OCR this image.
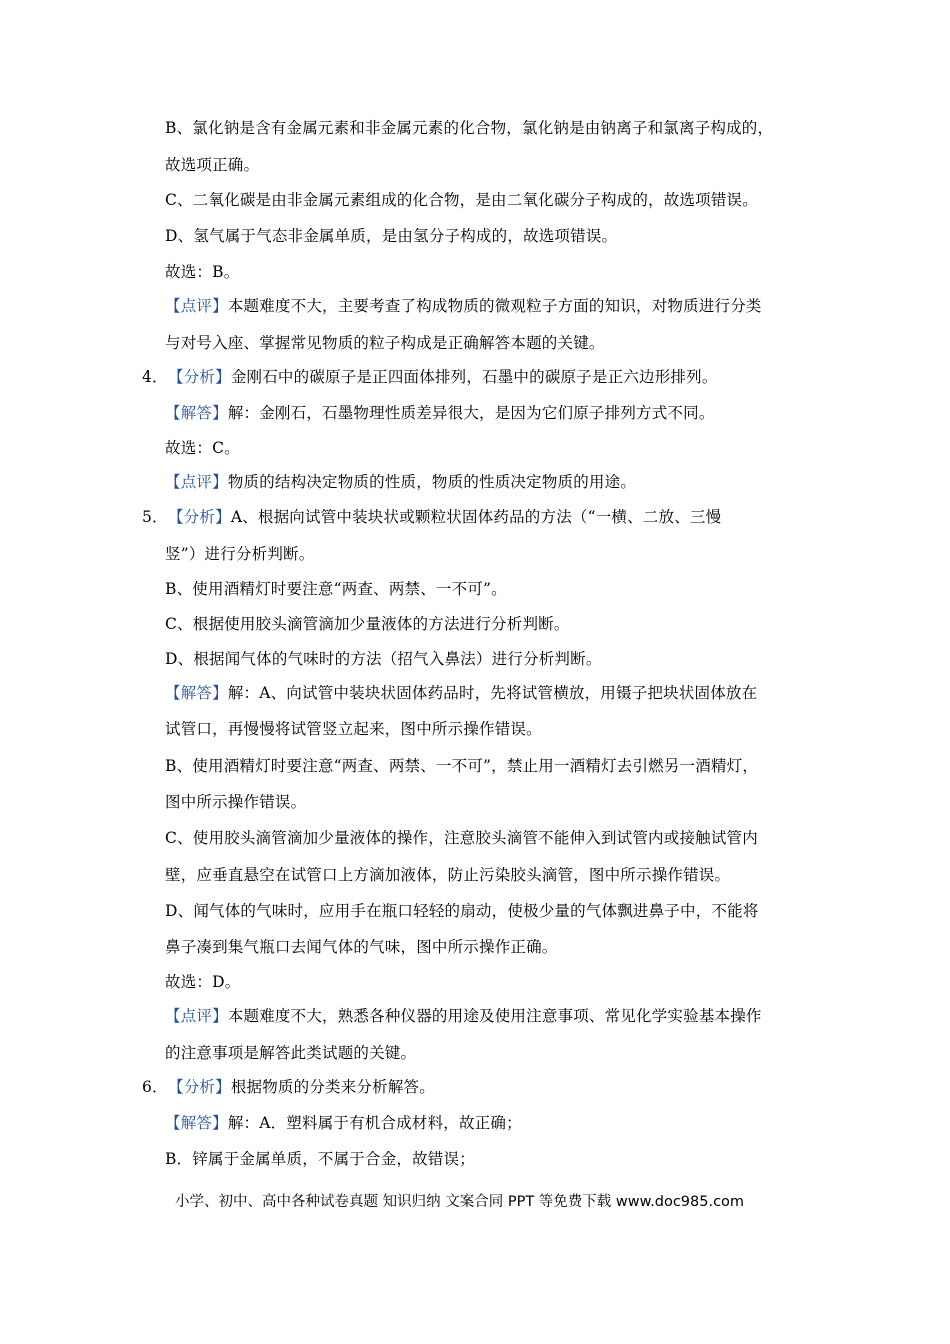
B、氯化钠是含有金属元素和非金属元素的化合物，氯化钠是由钠离子和氯离子构成的，
故选项正确。
C、二氧化碳是由非金属元素组成的化合物，是由二氧化碳分子构成的，故选项错误。
D、氢气属于气态非金属单质，是由氢分子构成的，故选项错误。
故选：B。
【点评】本题难度不大，主要考查了构成物质的微观粒子方面的知识，对物质进行分类
与对号入座、掌握常见物质的粒子构成是正确解答本题的关键。
4．【分析】金刚石中的碳原子是正四面体排列，石墨中的碳原子是正六边形排列。
【解答】解：金刚石，石墨物理性质差异很大，是因为它们原子排列方式不同。
故选：C。
【点评】物质的结构决定物质的性质，物质的性质决定物质的用途。
5．【分析】A、根据向试管中装块状或颗粒状固体药品的方法（“一横、二放、三慢
竖”）进行分析判断。
B、使用酒精灯时要注意“两查、两禁、一不可”。
C、根据使用胶头滴管滴加少量液体的方法进行分析判断。
D、根据闻气体的气味时的方法（招气入鼻法）进行分析判断。
【解答】解：A、向试管中装块状固体药品时，先将试管横放，用镊子把块状固体放在
试管口，再慢慢将试管竖立起来，图中所示操作错误。
B、使用酒精灯时要注意“两查、两禁、一不可”，禁止用一酒精灯去引燃另一酒精灯，
图中所示操作错误。
C、使用胶头滴管滴加少量液体的操作，注意胶头滴管不能伸入到试管内或接触试管内
壁，应垂直悬空在试管口上方滴加液体，防止污染胶头滴管，图中所示操作错误。
D、闻气体的气味时，应用手在瓶口轻轻的扇动，使极少量的气体飘进鼻子中，不能将
鼻子凑到集气瓶口去闻气体的气味，图中所示操作正确。
故选：D。
【点评】本题难度不大，熟悉各种仪器的用途及使用注意事项、常见化学实验基本操作
的注意事项是解答此类试题的关键。
6．【分析】根据物质的分类来分析解答。
【解答】解：A．塑料属于有机合成材料，故正确；
B．锌属于金属单质，不属于合金，故错误；
小学、初中、高中各种试卷真题 知识归纳 文案合同 PPT 等免费下载 www.doc985.com
